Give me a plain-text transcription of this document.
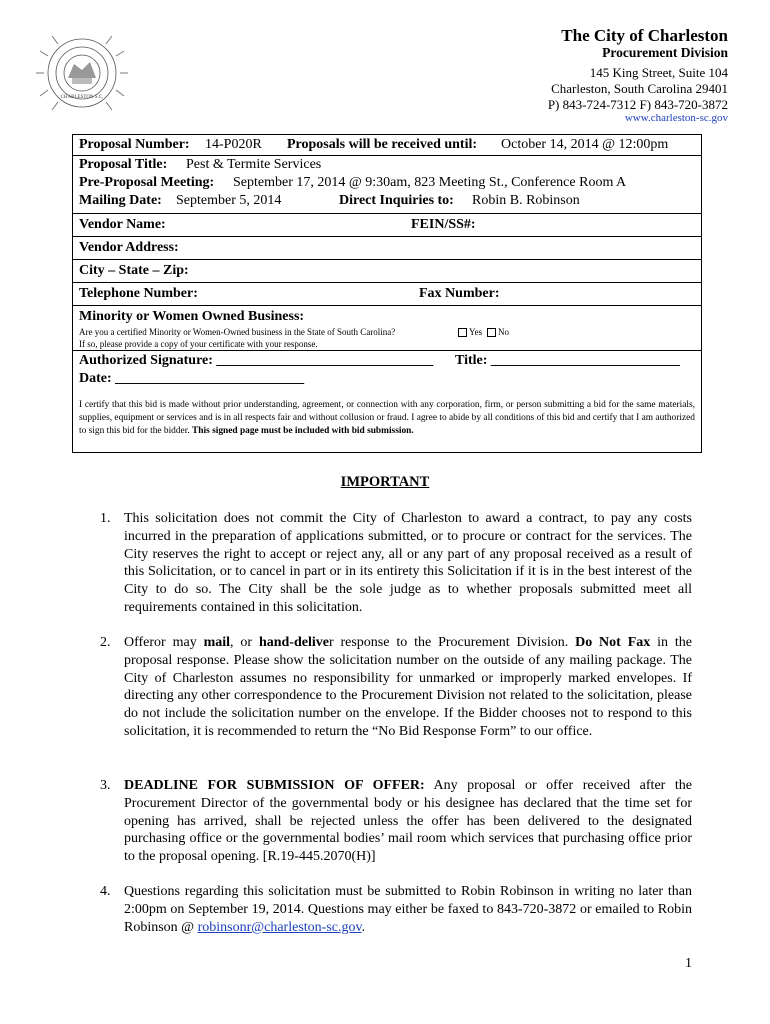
CHARLESTON S.C.
The City of Charleston
Procurement Division
145 King Street, Suite 104
Charleston, South Carolina 29401
P) 843-724-7312 F) 843-720-3872
www.charleston-sc.gov
Proposal Number: 14-P020R Proposals will be received until: October 14, 2014 @ 12:00pm
Proposal Title: Pest & Termite Services
Pre-Proposal Meeting: September 17, 2014 @ 9:30am, 823 Meeting St., Conference Room A
Mailing Date: September 5, 2014	Direct Inquiries to: Robin B. Robinson
Vendor Name:	FEIN/SS#:
Vendor Address:
City – State – Zip:
Telephone Number:	Fax Number:
Minority or Women Owned Business:
Are you a certified Minority or Women-Owned business in the State of South Carolina?	Yes	No
If so, please provide a copy of your certificate with your response.
Authorized Signature: _______________________________ Title: ___________________________
Date: ___________________________
I certify that this bid is made without prior understanding, agreement, or connection with any corporation, firm, or person submitting a bid for the same materials, supplies, equipment or services and is in all respects fair and without collusion or fraud. I agree to abide by all conditions of this bid and certify that I am authorized to sign this bid for the bidder. This signed page must be included with bid submission.
IMPORTANT
1. This solicitation does not commit the City of Charleston to award a contract, to pay any costs incurred in the preparation of applications submitted, or to procure or contract for the services. The City reserves the right to accept or reject any, all or any part of any proposal received as a result of this Solicitation, or to cancel in part or in its entirety this Solicitation if it is in the best interest of the City to do so. The City shall be the sole judge as to whether proposals submitted meet all requirements contained in this solicitation.
2. Offeror may mail, or hand-deliver response to the Procurement Division. Do Not Fax in the proposal response. Please show the solicitation number on the outside of any mailing package. The City of Charleston assumes no responsibility for unmarked or improperly marked envelopes. If directing any other correspondence to the Procurement Division not related to the solicitation, please do not include the solicitation number on the envelope. If the Bidder chooses not to respond to this solicitation, it is recommended to return the “No Bid Response Form” to our office.
3. DEADLINE FOR SUBMISSION OF OFFER: Any proposal or offer received after the Procurement Director of the governmental body or his designee has declared that the time set for opening has arrived, shall be rejected unless the offer has been delivered to the designated purchasing office or the governmental bodies’ mail room which services that purchasing office prior to the proposal opening. [R.19-445.2070(H)]
4. Questions regarding this solicitation must be submitted to Robin Robinson in writing no later than 2:00pm on September 19, 2014. Questions may either be faxed to 843-720-3872 or emailed to Robin Robinson @ robinsonr@charleston-sc.gov.
1
